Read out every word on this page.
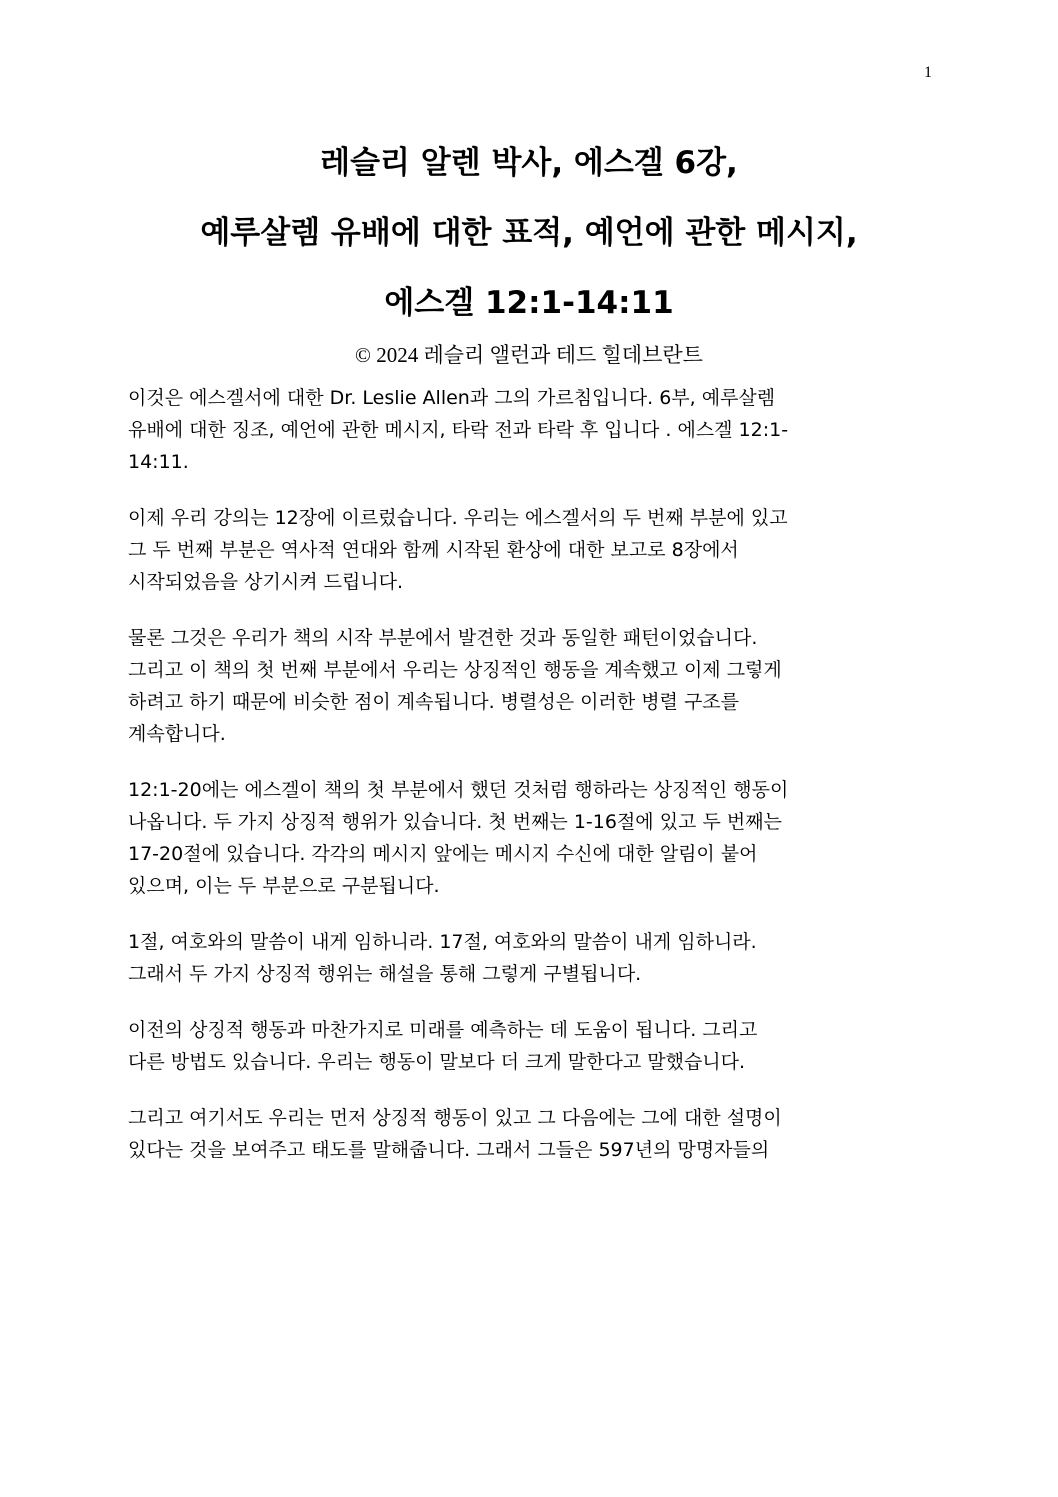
1

레슬리 알렌 박사, 에스겔 6강,
예루살렘 유배에 대한 표적, 예언에 관한 메시지,
에스겔 12:1-14:11

© 2024 레슬리 앨런과 테드 힐데브란트

이것은 에스겔서에 대한 Dr. Leslie Allen과 그의 가르침입니다. 6부, 예루살렘
유배에 대한 징조, 예언에 관한 메시지, 타락 전과 타락 후 입니다 . 에스겔 12:1-
14:11.

이제 우리 강의는 12장에 이르렀습니다. 우리는 에스겔서의 두 번째 부분에 있고
그 두 번째 부분은 역사적 연대와 함께 시작된 환상에 대한 보고로 8장에서
시작되었음을 상기시켜 드립니다.

물론 그것은 우리가 책의 시작 부분에서 발견한 것과 동일한 패턴이었습니다.
그리고 이 책의 첫 번째 부분에서 우리는 상징적인 행동을 계속했고 이제 그렇게
하려고 하기 때문에 비슷한 점이 계속됩니다. 병렬성은 이러한 병렬 구조를
계속합니다.

12:1-20에는 에스겔이 책의 첫 부분에서 했던 것처럼 행하라는 상징적인 행동이
나옵니다. 두 가지 상징적 행위가 있습니다. 첫 번째는 1-16절에 있고 두 번째는
17-20절에 있습니다. 각각의 메시지 앞에는 메시지 수신에 대한 알림이 붙어
있으며, 이는 두 부분으로 구분됩니다.

1절, 여호와의 말씀이 내게 임하니라. 17절, 여호와의 말씀이 내게 임하니라.
그래서 두 가지 상징적 행위는 해설을 통해 그렇게 구별됩니다.

이전의 상징적 행동과 마찬가지로 미래를 예측하는 데 도움이 됩니다. 그리고
다른 방법도 있습니다. 우리는 행동이 말보다 더 크게 말한다고 말했습니다.

그리고 여기서도 우리는 먼저 상징적 행동이 있고 그 다음에는 그에 대한 설명이
있다는 것을 보여주고 태도를 말해줍니다. 그래서 그들은 597년의 망명자들의
